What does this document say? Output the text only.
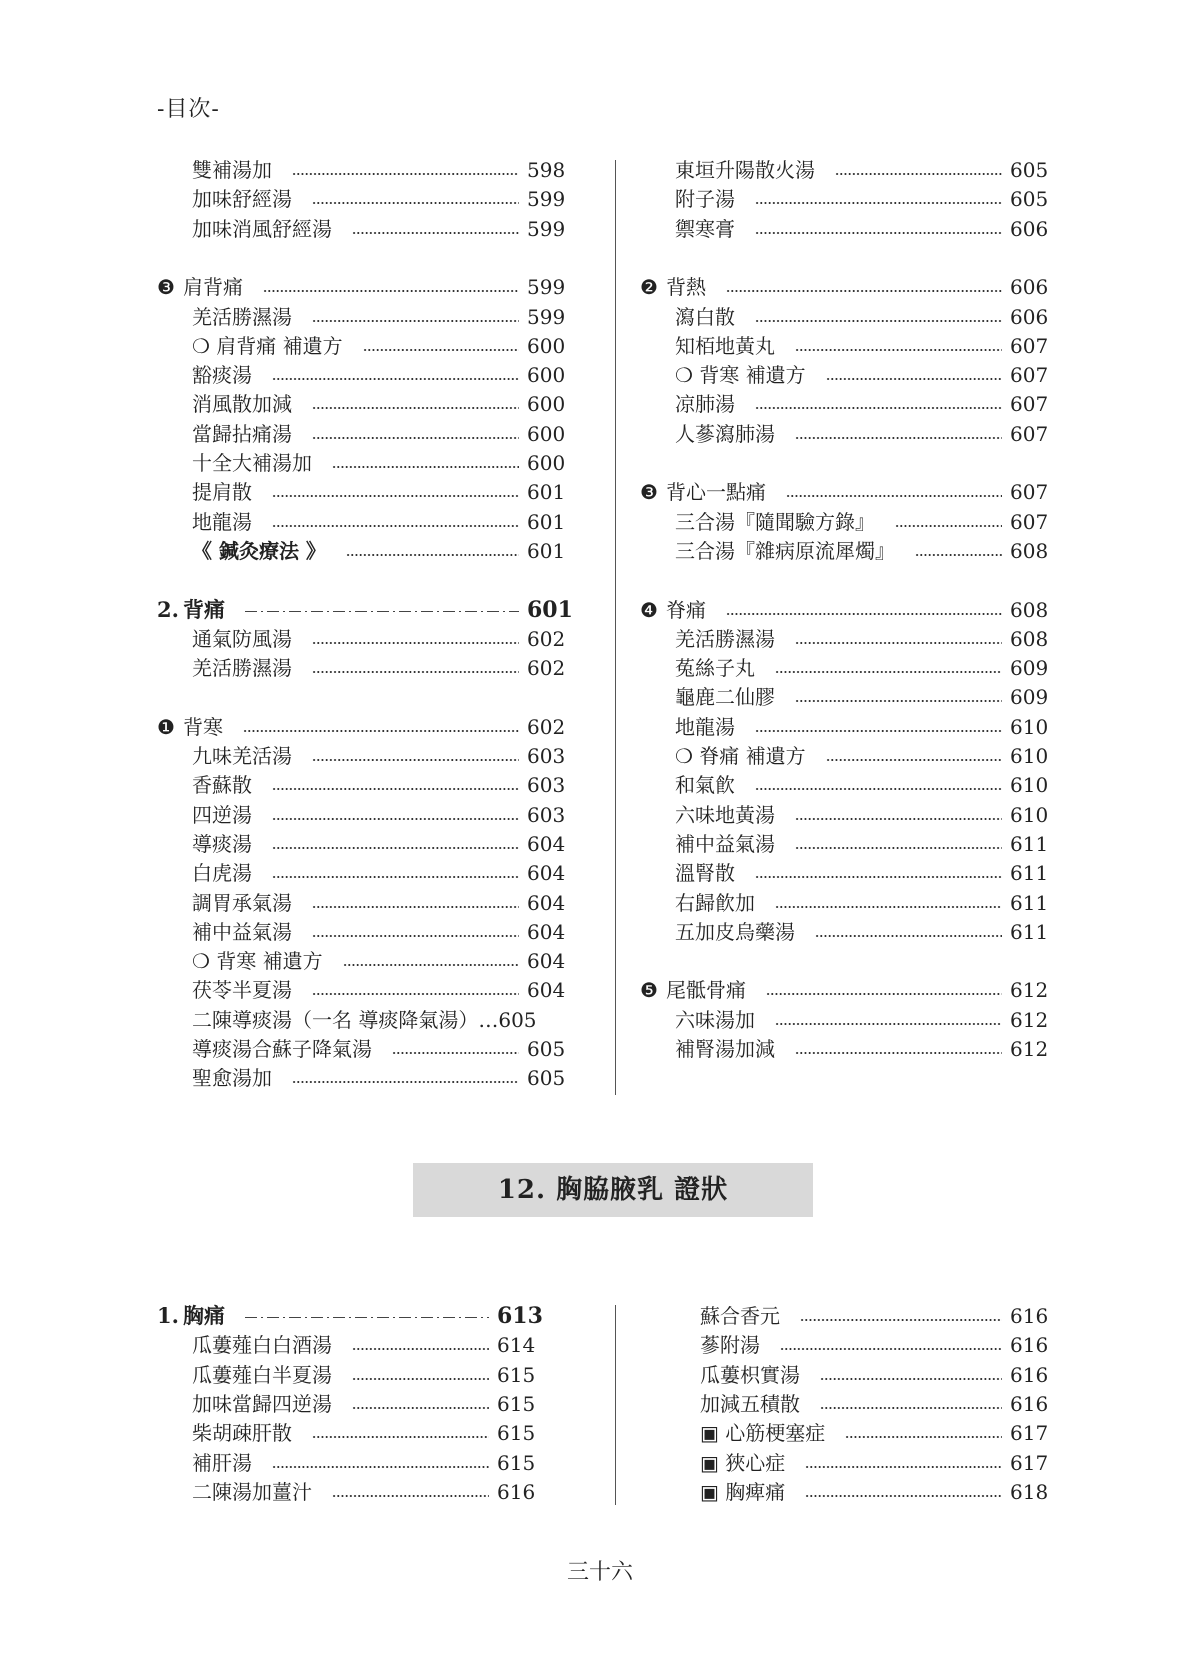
-目次-
雙補湯加	598
加味舒經湯	599
加味消風舒經湯	599
❸ 肩背痛	599
羌活勝濕湯	599
❍ 肩背痛 補遺方	600
豁痰湯	600
消風散加減	600
當歸拈痛湯	600
十全大補湯加	600
提肩散	601
地龍湯	601
《 鍼灸療法 》	601
2. 背痛	601
通氣防風湯	602
羌活勝濕湯	602
❶ 背寒	602
九味羌活湯	603
香蘇散	603
四逆湯	603
導痰湯	604
白虎湯	604
調胃承氣湯	604
補中益氣湯	604
❍ 背寒 補遺方	604
茯苓半夏湯	604
二陳導痰湯（一名 導痰降氣湯）…605
導痰湯合蘇子降氣湯	605
聖愈湯加	605
東垣升陽散火湯	605
附子湯	605
禦寒膏	606
❷ 背熱	606
瀉白散	606
知栢地黃丸	607
❍ 背寒 補遺方	607
凉肺湯	607
人蔘瀉肺湯	607
❸ 背心一點痛	607
三合湯『隨聞驗方錄』	607
三合湯『雜病原流犀燭』	608
❹ 脊痛	608
羌活勝濕湯	608
菟絲子丸	609
龜鹿二仙膠	609
地龍湯	610
❍ 脊痛 補遺方	610
和氣飮	610
六味地黃湯	610
補中益氣湯	611
溫腎散	611
右歸飮加	611
五加皮烏藥湯	611
❺ 尾骶骨痛	612
六味湯加	612
補腎湯加減	612
12. 胸脇腋乳 證狀
1. 胸痛	613
瓜蔞薤白白酒湯	614
瓜蔞薤白半夏湯	615
加味當歸四逆湯	615
柴胡疎肝散	615
補肝湯	615
二陳湯加薑汁	616
蘇合香元	616
蔘附湯	616
瓜蔞枳實湯	616
加減五積散	616
▣ 心筋梗塞症	617
▣ 狹心症	617
▣ 胸痺痛	618
三十六
